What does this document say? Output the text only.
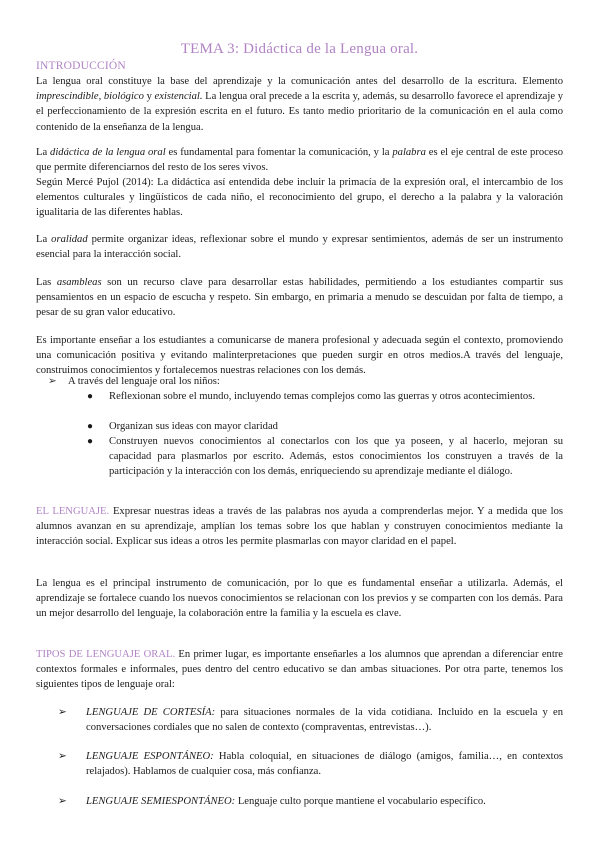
TEMA 3: Didáctica de la Lengua oral.
INTRODUCCIÓN

La lengua oral constituye la base del aprendizaje y la comunicación antes del desarrollo de la escritura. Elemento imprescindible, biológico y existencial. La lengua oral precede a la escrita y, además, su desarrollo favorece el aprendizaje y el perfeccionamiento de la expresión escrita en el futuro. Es tanto medio prioritario de la comunicación en el aula como contenido de la enseñanza de la lengua.

La didáctica de la lengua oral es fundamental para fomentar la comunicación, y la palabra es el eje central de este proceso que permite diferenciarnos del resto de los seres vivos.

Según Mercé Pujol (2014): La didáctica así entendida debe incluir la primacía de la expresión oral, el intercambio de los elementos culturales y lingüísticos de cada niño, el reconocimiento del grupo, el derecho a la palabra y la valoración igualitaria de las diferentes hablas.

La oralidad permite organizar ideas, reflexionar sobre el mundo y expresar sentimientos, además de ser un instrumento esencial para la interacción social.

Las asambleas son un recurso clave para desarrollar estas habilidades, permitiendo a los estudiantes compartir sus pensamientos en un espacio de escucha y respeto. Sin embargo, en primaria a menudo se descuidan por falta de tiempo, a pesar de su gran valor educativo.

Es importante enseñar a los estudiantes a comunicarse de manera profesional y adecuada según el contexto, promoviendo una comunicación positiva y evitando malinterpretaciones que pueden surgir en otros medios.A través del lenguaje, construimos conocimientos y fortalecemos nuestras relaciones con los demás.

➢ A través del lenguaje oral los niños:
● Reflexionan sobre el mundo, incluyendo temas complejos como las guerras y otros acontecimientos.
● Organizan sus ideas con mayor claridad
● Construyen nuevos conocimientos al conectarlos con los que ya poseen, y al hacerlo, mejoran su capacidad para plasmarlos por escrito. Además, estos conocimientos los construyen a través de la participación y la interacción con los demás, enriqueciendo su aprendizaje mediante el diálogo.

EL LENGUAJE. Expresar nuestras ideas a través de las palabras nos ayuda a comprenderlas mejor. Y a medida que los alumnos avanzan en su aprendizaje, amplían los temas sobre los que hablan y construyen conocimientos mediante la interacción social. Explicar sus ideas a otros les permite plasmarlas con mayor claridad en el papel.

La lengua es el principal instrumento de comunicación, por lo que es fundamental enseñar a utilizarla. Además, el aprendizaje se fortalece cuando los nuevos conocimientos se relacionan con los previos y se comparten con los demás. Para un mejor desarrollo del lenguaje, la colaboración entre la familia y la escuela es clave.

TIPOS DE LENGUAJE ORAL. En primer lugar, es importante enseñarles a los alumnos que aprendan a diferenciar entre contextos formales e informales, pues dentro del centro educativo se dan ambas situaciones. Por otra parte, tenemos los siguientes tipos de lenguaje oral:

➢	LENGUAJE DE CORTESÍA: para situaciones normales de la vida cotidiana. Incluido en la escuela y en conversaciones cordiales que no salen de contexto (compraventas, entrevistas…).
➢	LENGUAJE ESPONTÁNEO: Habla coloquial, en situaciones de diálogo (amigos, familia…, en contextos relajados). Hablamos de cualquier cosa, más confianza.
➢	LENGUAJE SEMIESPONTÁNEO: Lenguaje culto porque mantiene el vocabulario específico.
